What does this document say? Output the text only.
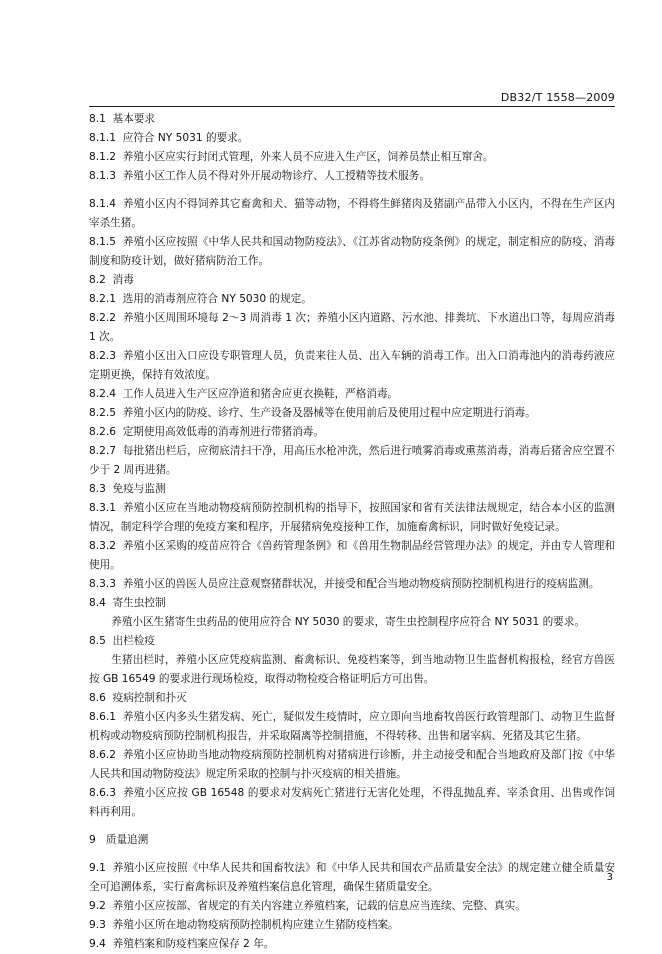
DB32/T 1558—2009
8.1 基本要求
8.1.1 应符合 NY 5031 的要求。
8.1.2 养殖小区应实行封闭式管理，外来人员不应进入生产区，饲养员禁止相互窜舍。
8.1.3 养殖小区工作人员不得对外开展动物诊疗、人工授精等技术服务。
8.1.4 养殖小区内不得饲养其它畜禽和犬、猫等动物，不得将生鲜猪肉及猪副产品带入小区内，不得在生产区内宰杀生猪。
8.1.5 养殖小区应按照《中华人民共和国动物防疫法》、《江苏省动物防疫条例》的规定，制定相应的防疫、消毒制度和防疫计划，做好猪病防治工作。
8.2 消毒
8.2.1 选用的消毒剂应符合 NY 5030 的规定。
8.2.2 养殖小区周围环境每 2～3 周消毒 1 次；养殖小区内道路、污水池、排粪坑、下水道出口等，每周应消毒 1 次。
8.2.3 养殖小区出入口应设专职管理人员，负责来往人员、出入车辆的消毒工作。出入口消毒池内的消毒药液应定期更换，保持有效浓度。
8.2.4 工作人员进入生产区应净道和猪舍应更衣换鞋，严格消毒。
8.2.5 养殖小区内的防疫、诊疗、生产设备及器械等在使用前后及使用过程中应定期进行消毒。
8.2.6 定期使用高效低毒的消毒剂进行带猪消毒。
8.2.7 每批猪出栏后，应彻底清扫干净，用高压水枪冲洗，然后进行喷雾消毒或熏蒸消毒，消毒后猪舍应空置不少于 2 周再进猪。
8.3 免疫与监测
8.3.1 养殖小区应在当地动物疫病预防控制机构的指导下，按照国家和省有关法律法规规定，结合本小区的监测情况，制定科学合理的免疫方案和程序，开展猪病免疫接种工作，加施畜禽标识，同时做好免疫记录。
8.3.2 养殖小区采购的疫苗应符合《兽药管理条例》和《兽用生物制品经营管理办法》的规定，并由专人管理和使用。
8.3.3 养殖小区的兽医人员应注意观察猪群状况，并接受和配合当地动物疫病预防控制机构进行的疫病监测。
8.4 寄生虫控制
养殖小区生猪寄生虫药品的使用应符合 NY 5030 的要求，寄生虫控制程序应符合 NY 5031 的要求。
8.5 出栏检疫
生猪出栏时，养殖小区应凭疫病监测、畜禽标识、免疫档案等，到当地动物卫生监督机构报检，经官方兽医按 GB 16549 的要求进行现场检疫，取得动物检疫合格证明后方可出售。
8.6 疫病控制和扑灭
8.6.1 养殖小区内多头生猪发病、死亡，疑似发生疫情时，应立即向当地畜牧兽医行政管理部门、动物卫生监督机构或动物疫病预防控制机构报告，并采取隔离等控制措施，不得转移、出售和屠宰病、死猪及其它生猪。
8.6.2 养殖小区应协助当地动物疫病预防控制机构对猪病进行诊断，并主动接受和配合当地政府及部门按《中华人民共和国动物防疫法》规定所采取的控制与扑灭疫病的相关措施。
8.6.3 养殖小区应按 GB 16548 的要求对发病死亡猪进行无害化处理，不得乱抛乱弃、宰杀食用、出售或作饲料再利用。
9 质量追溯
9.1 养殖小区应按照《中华人民共和国畜牧法》和《中华人民共和国农产品质量安全法》的规定建立健全质量安全可追溯体系，实行畜禽标识及养殖档案信息化管理，确保生猪质量安全。
9.2 养殖小区应按部、省规定的有关内容建立养殖档案，记载的信息应当连续、完整、真实。
9.3 养殖小区所在地动物疫病预防控制机构应建立生猪防疫档案。
9.4 养殖档案和防疫档案应保存 2 年。
3
